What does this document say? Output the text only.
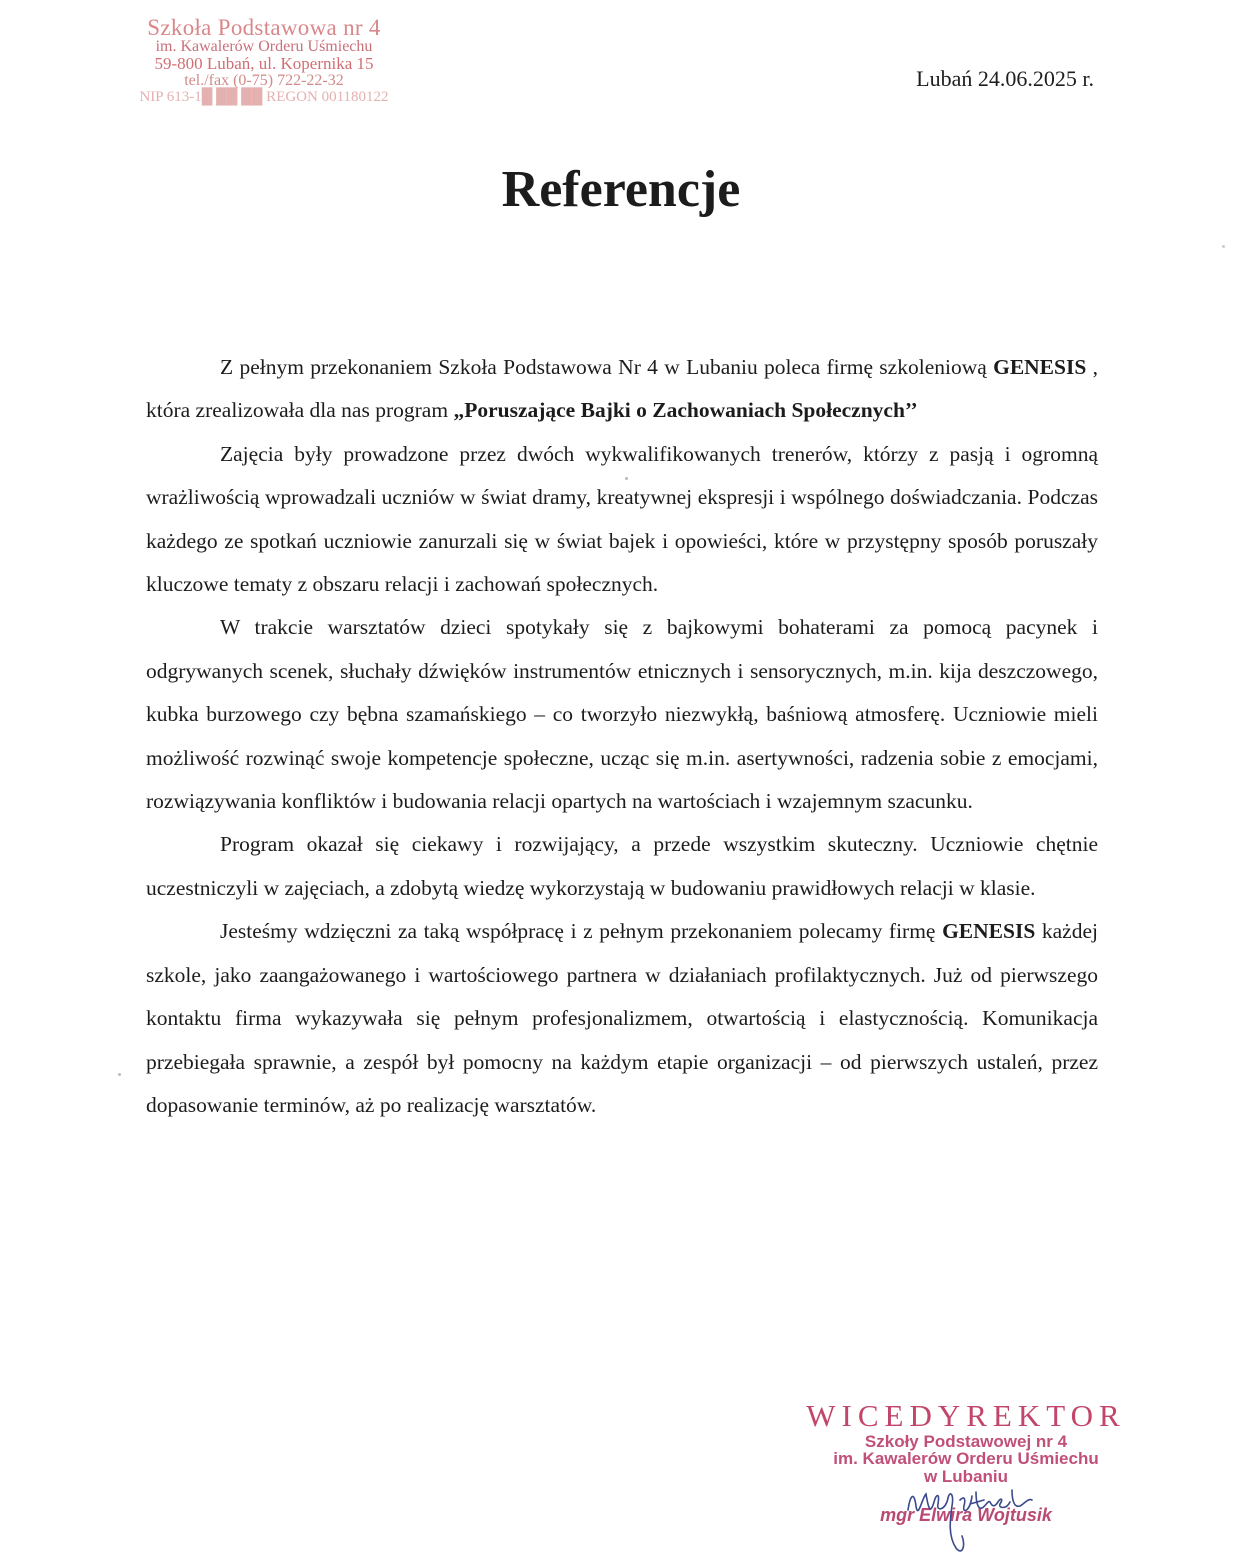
Szkoła Podstawowa nr 4
im. Kawalerów Orderu Uśmiechu
59-800 Lubań, ul. Kopernika 15
tel./fax (0-75) 722-22-32
NIP 613-1█ ██ ██ REGON 001180122
Lubań 24.06.2025 r.
Referencje

Z pełnym przekonaniem Szkoła Podstawowa Nr 4 w Lubaniu poleca firmę szkoleniową GENESIS , która zrealizowała dla nas program „Poruszające Bajki o Zachowaniach Społecznych’’

Zajęcia były prowadzone przez dwóch wykwalifikowanych trenerów, którzy z pasją i ogromną wrażliwością wprowadzali uczniów w świat dramy, kreatywnej ekspresji i wspólnego doświadczania. Podczas każdego ze spotkań uczniowie zanurzali się w świat bajek i opowieści, które w przystępny sposób poruszały kluczowe tematy z obszaru relacji i zachowań społecznych.

W trakcie warsztatów dzieci spotykały się z bajkowymi bohaterami za pomocą pacynek i odgrywanych scenek, słuchały dźwięków instrumentów etnicznych i sensorycznych, m.in. kija deszczowego, kubka burzowego czy bębna szamańskiego – co tworzyło niezwykłą, baśniową atmosferę. Uczniowie mieli możliwość rozwinąć swoje kompetencje społeczne, ucząc się m.in. asertywności, radzenia sobie z emocjami, rozwiązywania konfliktów i budowania relacji opartych na wartościach i wzajemnym szacunku.

Program okazał się ciekawy i rozwijający, a przede wszystkim skuteczny. Uczniowie chętnie uczestniczyli w zajęciach, a zdobytą wiedzę wykorzystają w budowaniu prawidłowych relacji w klasie.

Jesteśmy wdzięczni za taką współpracę i z pełnym przekonaniem polecamy firmę GENESIS każdej szkole, jako zaangażowanego i wartościowego partnera w działaniach profilaktycznych. Już od pierwszego kontaktu firma wykazywała się pełnym profesjonalizmem, otwartością i elastycznością. Komunikacja przebiegała sprawnie, a zespół był pomocny na każdym etapie organizacji – od pierwszych ustaleń, przez dopasowanie terminów, aż po realizację warsztatów.

WICEDYREKTOR
Szkoły Podstawowej nr 4
im. Kawalerów Orderu Uśmiechu
w Lubaniu
mgr Elwira Wojtusik
